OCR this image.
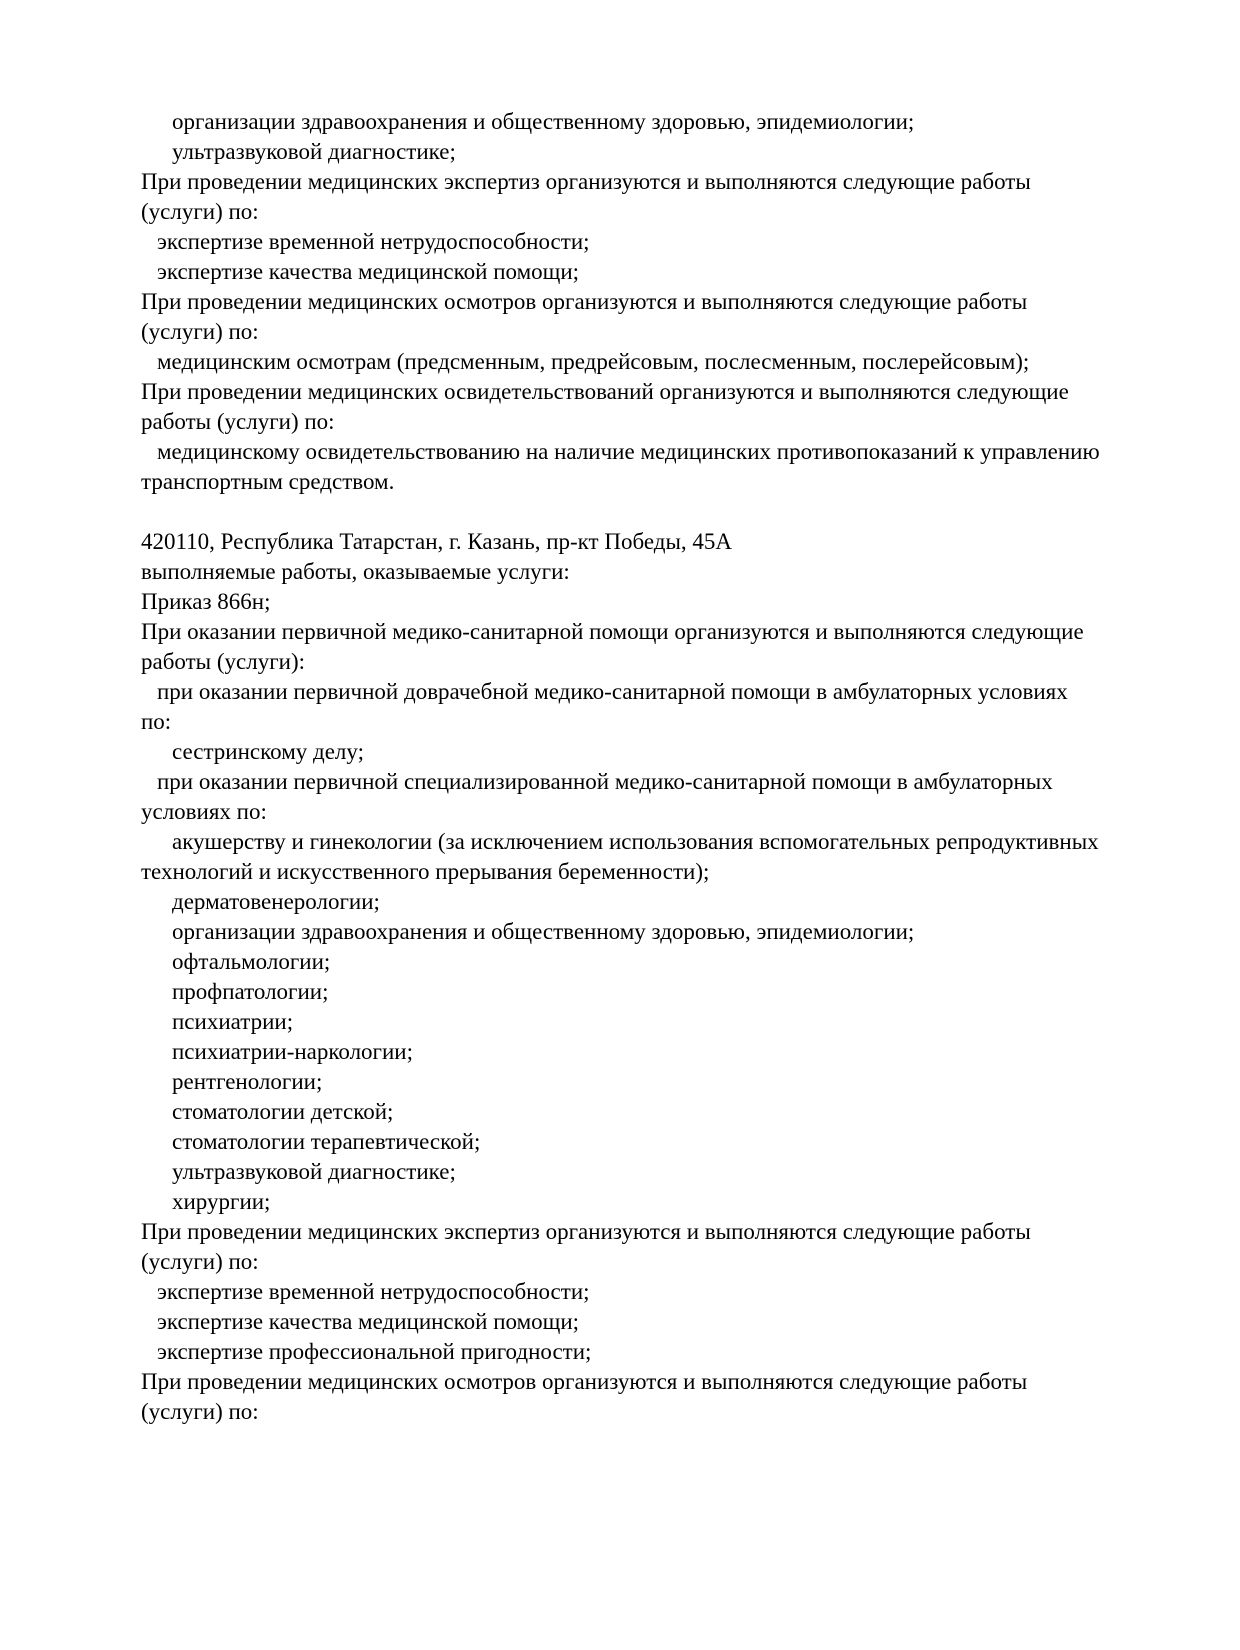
организации здравоохранения и общественному здоровью, эпидемиологии;
ультразвуковой диагностике;
При проведении медицинских экспертиз организуются и выполняются следующие работы
(услуги) по:
экспертизе временной нетрудоспособности;
экспертизе качества медицинской помощи;
При проведении медицинских осмотров организуются и выполняются следующие работы
(услуги) по:
медицинским осмотрам (предсменным, предрейсовым, послесменным, послерейсовым);
При проведении медицинских освидетельствований организуются и выполняются следующие
работы (услуги) по:
медицинскому освидетельствованию на наличие медицинских противопоказаний к управлению
транспортным средством.

420110, Республика Татарстан, г. Казань, пр-кт Победы, 45А
выполняемые работы, оказываемые услуги:
Приказ 866н;
При оказании первичной медико-санитарной помощи организуются и выполняются следующие
работы (услуги):
при оказании первичной доврачебной медико-санитарной помощи в амбулаторных условиях
по:
сестринскому делу;
при оказании первичной специализированной медико-санитарной помощи в амбулаторных
условиях по:
акушерству и гинекологии (за исключением использования вспомогательных репродуктивных
технологий и искусственного прерывания беременности);
дерматовенерологии;
организации здравоохранения и общественному здоровью, эпидемиологии;
офтальмологии;
профпатологии;
психиатрии;
психиатрии-наркологии;
рентгенологии;
стоматологии детской;
стоматологии терапевтической;
ультразвуковой диагностике;
хирургии;
При проведении медицинских экспертиз организуются и выполняются следующие работы
(услуги) по:
экспертизе временной нетрудоспособности;
экспертизе качества медицинской помощи;
экспертизе профессиональной пригодности;
При проведении медицинских осмотров организуются и выполняются следующие работы
(услуги) по:
